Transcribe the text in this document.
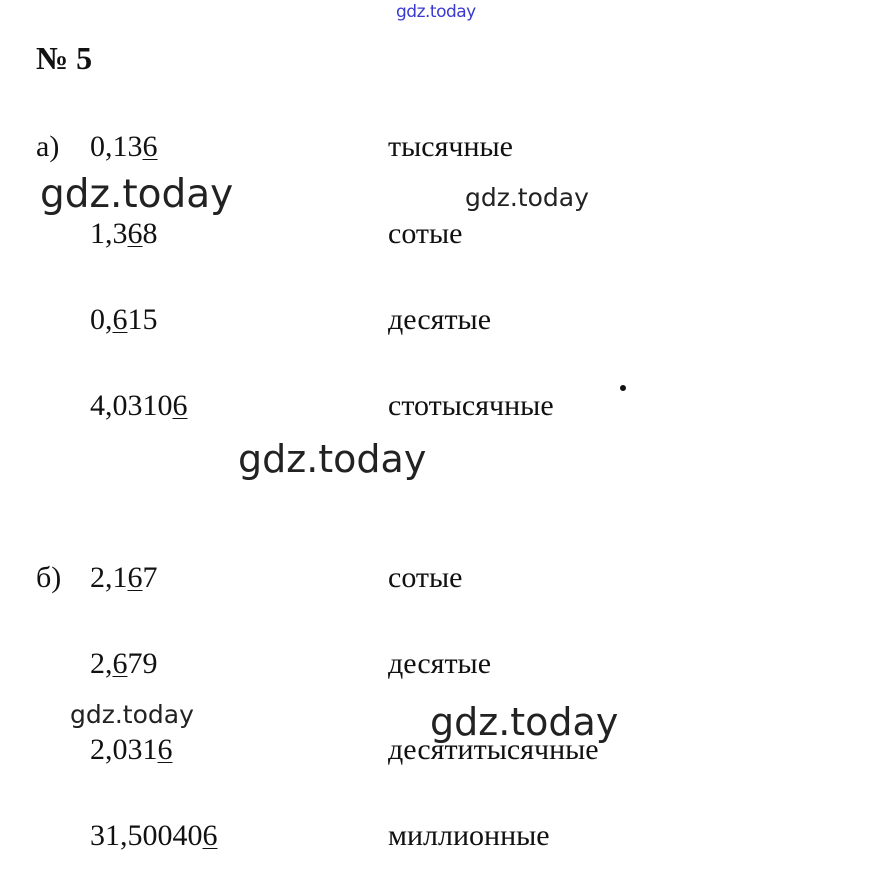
gdz.today
№ 5
а) 0,136	тысячные
1,368	сотые
0,615	десятые
4,03106	стотысячные
б) 2,167	сотые
2,679	десятые
2,0316	десятитысячные
31,500406	миллионные
gdz.today	gdz.today
gdz.today
gdz.today	gdz.today
